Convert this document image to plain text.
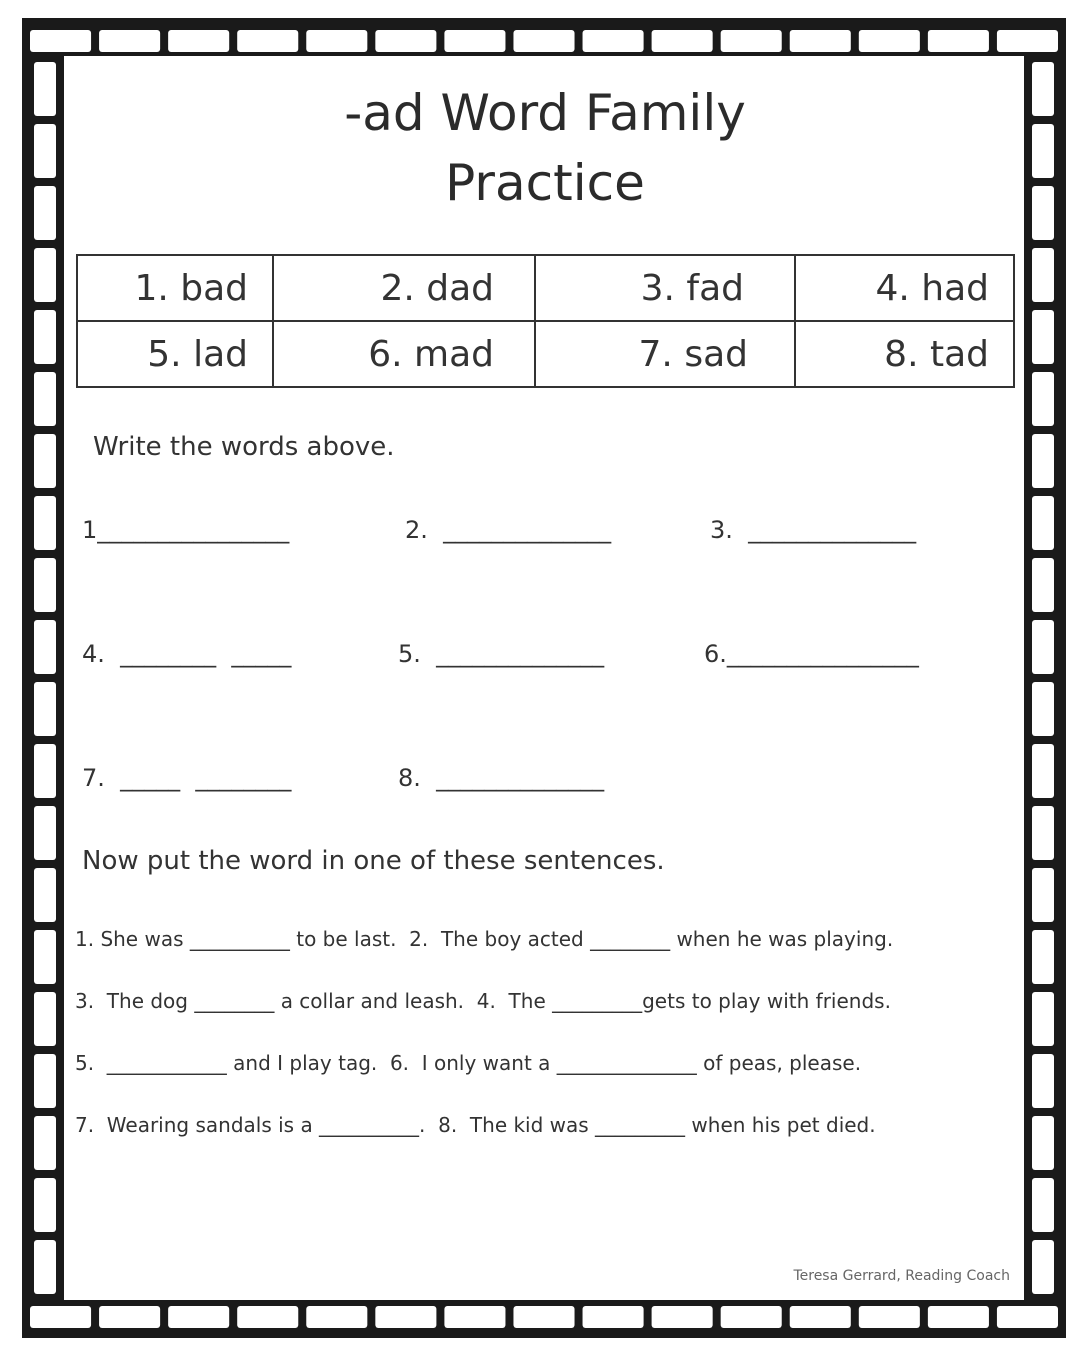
-ad Word Family
Practice
1. bad	2. dad	3. fad	4. had
5. lad	6. mad	7. sad	8. tad
Write the words above.
1________________	2.  ______________	3.  ______________
4.  ________  _____	5.  ______________	6.________________
7.  _____  ________	8.  ______________
Now put the word in one of these sentences.
1. She was __________ to be last.  2.  The boy acted ________ when he was playing.
3.  The dog ________ a collar and leash.  4.  The _________gets to play with friends.
5.  ____________ and I play tag.  6.  I only want a ______________ of peas, please.
7.  Wearing sandals is a __________.  8.  The kid was _________ when his pet died.
Teresa Gerrard, Reading Coach
